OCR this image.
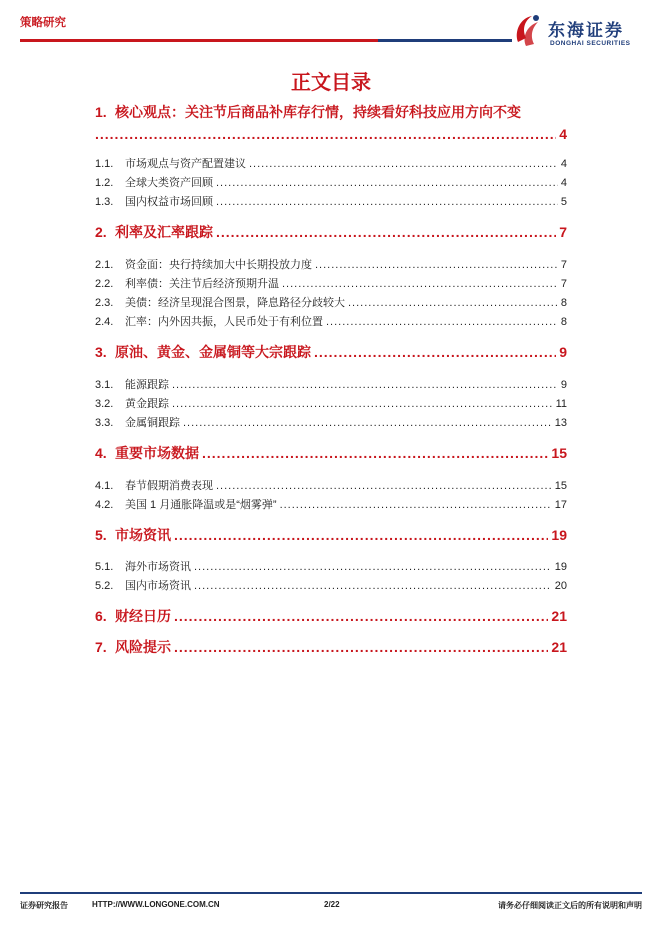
策略研究	东海证券
DONGHAI SECURITIES
正文目录
1. 核心观点：关注节后商品补库存行情，持续看好科技应用方向不变
.....
4
1.1.	市场观点与资产配置建议 .....	4
1.2.	全球大类资产回顾 .....	4
1.3.	国内权益市场回顾 .....	5
2. 利率及汇率跟踪 .....	7
2.1.	资金面：央行持续加大中长期投放力度 .....	7
2.2.	利率债：关注节后经济预期升温 .....	7
2.3.	美债：经济呈现混合图景，降息路径分歧较大 .....	8
2.4.	汇率：内外因共振，人民币处于有利位置 .....	8
3. 原油、黄金、金属铜等大宗跟踪 .....	9
3.1.	能源跟踪 .....	9
3.2.	黄金跟踪 .....	11
3.3.	金属铜跟踪 .....	13
4. 重要市场数据 .....	15
4.1.	春节假期消费表现 .....	15
4.2.	美国 1 月通胀降温或是“烟雾弹” .....	17
5. 市场资讯 .....	19
5.1.	海外市场资讯 .....	19
5.2.	国内市场资讯 .....	20
6. 财经日历 .....	21
7. 风险提示 .....	21
证券研究报告	HTTP://WWW.LONGONE.COM.CN	2/22	请务必仔细阅读正文后的所有说明和声明
